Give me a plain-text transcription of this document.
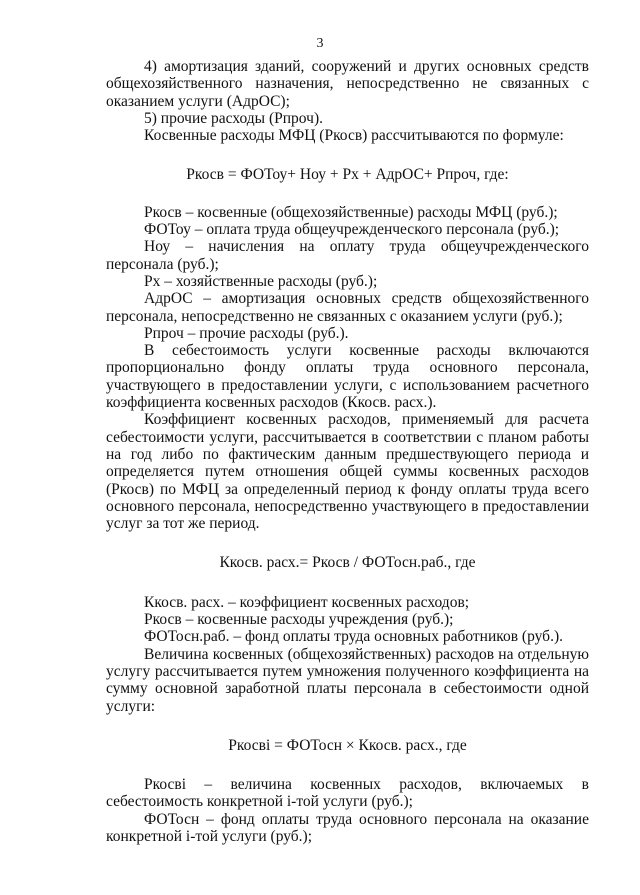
3

4) амортизация зданий, сооружений и других основных средств общехозяйственного назначения, непосредственно не связанных с оказанием услуги (АдрОС);

5) прочие расходы (Рпроч).

Косвенные расходы МФЦ (Ркосв) рассчитываются по формуле:

Ркосв = ФОТоу+ Ноу + Рх + АдрОС+ Рпроч, где:

Ркосв – косвенные (общехозяйственные) расходы МФЦ (руб.);

ФОТоу – оплата труда общеучрежденческого персонала (руб.);

Ноу – начисления на оплату труда общеучрежденческого персонала (руб.);

Рх – хозяйственные расходы (руб.);

АдрОС – амортизация основных средств общехозяйственного персонала, непосредственно не связанных с оказанием услуги (руб.);

Рпроч – прочие расходы (руб.).

В себестоимость услуги косвенные расходы включаются пропорционально фонду оплаты труда основного персонала, участвующего в предоставлении услуги, с использованием расчетного коэффициента косвенных расходов (Ккосв. расх.).

Коэффициент косвенных расходов, применяемый для расчета себестоимости услуги, рассчитывается в соответствии с планом работы на год либо по фактическим данным предшествующего периода и определяется путем отношения общей суммы косвенных расходов (Ркосв) по МФЦ за определенный период к фонду оплаты труда всего основного персонала, непосредственно участвующего в предоставлении услуг за тот же период.

Ккосв. расх.= Ркосв / ФОТосн.раб., где

Ккосв. расх. – коэффициент косвенных расходов;

Ркосв – косвенные расходы учреждения (руб.);

ФОТосн.раб. – фонд оплаты труда основных работников (руб.).

Величина косвенных (общехозяйственных) расходов на отдельную услугу рассчитывается путем умножения полученного коэффициента на сумму основной заработной платы персонала в себестоимости одной услуги:

Ркосвi = ФОТосн × Ккосв. расх., где

Ркосвi – величина косвенных расходов, включаемых в себестоимость конкретной i-той услуги (руб.);

ФОТосн – фонд оплаты труда основного персонала на оказание конкретной i-той услуги (руб.);
